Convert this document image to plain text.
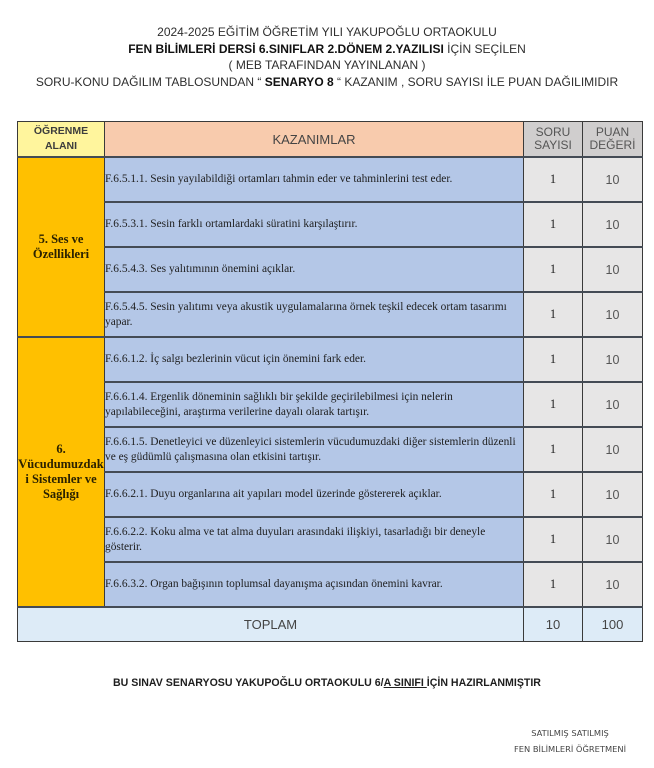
2024-2025 EĞİTİM ÖĞRETİM YILI YAKUPOĞLU ORTAOKULU
FEN BİLİMLERİ DERSİ 6.SINIFLAR 2.DÖNEM 2.YAZILISI İÇİN SEÇİLEN
( MEB TARAFINDAN YAYINLANAN )
SORU-KONU DAĞILIM TABLOSUNDAN “ SENARYO 8 “ KAZANIM , SORU SAYISI İLE PUAN DAĞILIMIDIR
ÖĞRENME ALANI	KAZANIMLAR	SORU SAYISI	PUAN DEĞERİ
5. Ses ve Özellikleri	F.6.5.1.1. Sesin yayılabildiği ortamları tahmin eder ve tahminlerini test eder.	1	10
	F.6.5.3.1. Sesin farklı ortamlardaki süratini karşılaştırır.	1	10
	F.6.5.4.3. Ses yalıtımının önemini açıklar.	1	10
	F.6.5.4.5. Sesin yalıtımı veya akustik uygulamalarına örnek teşkil edecek ortam tasarımı yapar.	1	10
6. Vücudumuzdaki Sistemler ve Sağlığı	F.6.6.1.2. İç salgı bezlerinin vücut için önemini fark eder.	1	10
	F.6.6.1.4. Ergenlik döneminin sağlıklı bir şekilde geçirilebilmesi için nelerin yapılabileceğini, araştırma verilerine dayalı olarak tartışır.	1	10
	F.6.6.1.5. Denetleyici ve düzenleyici sistemlerin vücudumuzdaki diğer sistemlerin düzenli ve eş güdümlü çalışmasına olan etkisini tartışır.	1	10
	F.6.6.2.1. Duyu organlarına ait yapıları model üzerinde göstererek açıklar.	1	10
	F.6.6.2.2. Koku alma ve tat alma duyuları arasındaki ilişkiyi, tasarladığı bir deneyle gösterir.	1	10
	F.6.6.3.2. Organ bağışının toplumsal dayanışma açısından önemini kavrar.	1	10
TOPLAM		10	100
BU SINAV SENARYOSU YAKUPOĞLU ORTAOKULU 6/A SINIFI İÇİN HAZIRLANMIŞTIR
SATILMIŞ SATILMIŞ
FEN BİLİMLERİ ÖĞRETMENİ
